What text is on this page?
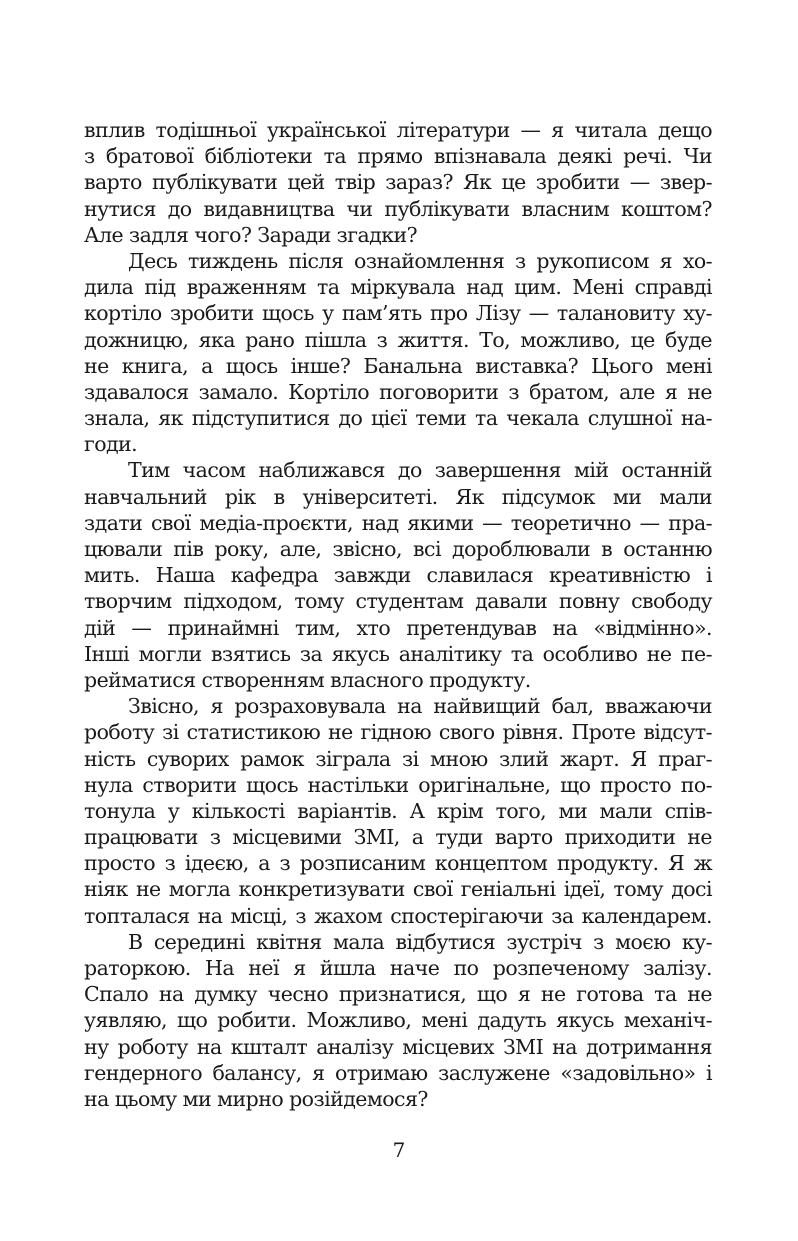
вплив тодішньої української літератури — я читала дещо
з братової бібліотеки та прямо впізнавала деякі речі. Чи
варто публікувати цей твір зараз? Як це зробити — звер-
нутися до видавництва чи публікувати власним коштом?
Але задля чого? Заради згадки?
Десь тиждень після ознайомлення з рукописом я хо-
дила під враженням та міркувала над цим. Мені справді
кортіло зробити щось у пам’ять про Лізу — талановиту ху-
дожницю, яка рано пішла з життя. То, можливо, це буде
не книга, а щось інше? Банальна виставка? Цього мені
здавалося замало. Кортіло поговорити з братом, але я не
знала, як підступитися до цієї теми та чекала слушної на-
годи.
Тим часом наближався до завершення мій останній
навчальний рік в університеті. Як підсумок ми мали
здати свої медіа-проєкти, над якими — теоретично — пра-
цювали пів року, але, звісно, всі дороблювали в останню
мить. Наша кафедра завжди славилася креативністю і
творчим підходом, тому студентам давали повну свободу
дій — принаймні тим, хто претендував на «відмінно».
Інші могли взятись за якусь аналітику та особливо не пе-
рейматися створенням власного продукту.
Звісно, я розраховувала на найвищий бал, вважаючи
роботу зі статистикою не гідною свого рівня. Проте відсут-
ність суворих рамок зіграла зі мною злий жарт. Я праг-
нула створити щось настільки оригінальне, що просто по-
тонула у кількості варіантів. А крім того, ми мали спів-
працювати з місцевими ЗМІ, а туди варто приходити не
просто з ідеєю, а з розписаним концептом продукту. Я ж
ніяк не могла конкретизувати свої геніальні ідеї, тому досі
топталася на місці, з жахом спостерігаючи за календарем.
В середині квітня мала відбутися зустріч з моєю ку-
раторкою. На неї я йшла наче по розпеченому залізу.
Спало на думку чесно признатися, що я не готова та не
уявляю, що робити. Можливо, мені дадуть якусь механіч-
ну роботу на кшталт аналізу місцевих ЗМІ на дотримання
гендерного балансу, я отримаю заслужене «задовільно» і
на цьому ми мирно розійдемося?
7
